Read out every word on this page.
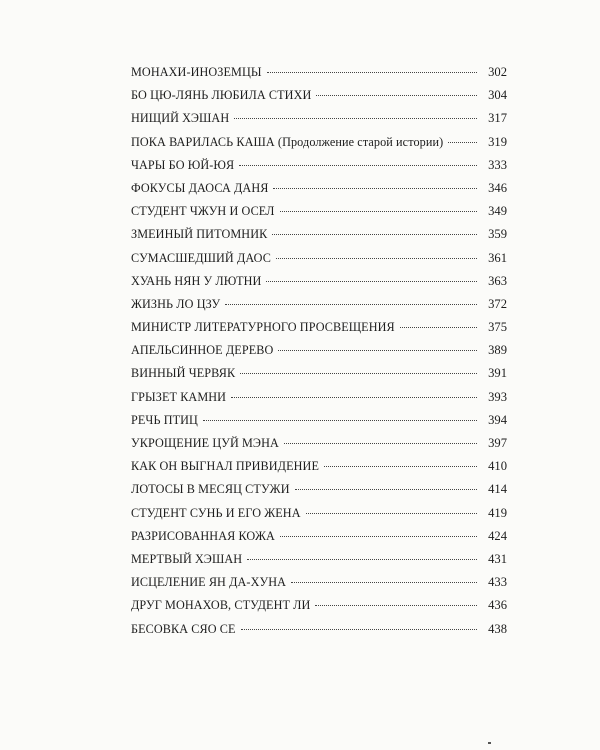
МОНАХИ-ИНОЗЕМЦЫ	302
БО ЦЮ-ЛЯНЬ ЛЮБИЛА СТИХИ	304
НИЩИЙ ХЭШАН	317
ПОКА ВАРИЛАСЬ КАША (Продолжение старой истории)	319
ЧАРЫ БО ЮЙ-ЮЯ	333
ФОКУСЫ ДАОСА ДАНЯ	346
СТУДЕНТ ЧЖУН И ОСЕЛ	349
ЗМЕИНЫЙ ПИТОМНИК	359
СУМАСШЕДШИЙ ДАОС	361
ХУАНЬ НЯН У ЛЮТНИ	363
ЖИЗНЬ ЛО ЦЗУ	372
МИНИСТР ЛИТЕРАТУРНОГО ПРОСВЕЩЕНИЯ	375
АПЕЛЬСИННОЕ ДЕРЕВО	389
ВИННЫЙ ЧЕРВЯК	391
ГРЫЗЕТ КАМНИ	393
РЕЧЬ ПТИЦ	394
УКРОЩЕНИЕ ЦУЙ МЭНА	397
КАК ОН ВЫГНАЛ ПРИВИДЕНИЕ	410
ЛОТОСЫ В МЕСЯЦ СТУЖИ	414
СТУДЕНТ СУНЬ И ЕГО ЖЕНА	419
РАЗРИСОВАННАЯ КОЖА	424
МЕРТВЫЙ ХЭШАН	431
ИСЦЕЛЕНИЕ ЯН ДА-ХУНА	433
ДРУГ МОНАХОВ, СТУДЕНТ ЛИ	436
БЕСОВКА СЯО СЕ	438
